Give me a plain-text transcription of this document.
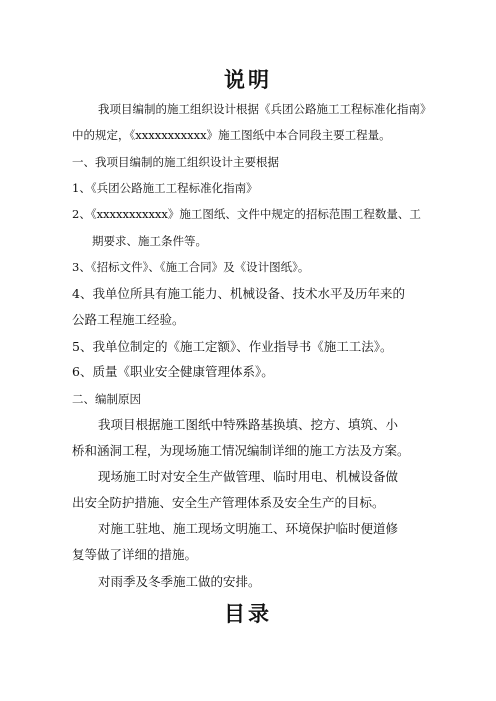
说明
我项目编制的施工组织设计根据《兵团公路施工工程标准化指南》
中的规定，《xxxxxxxxxxx》施工图纸中本合同段主要工程量。
一、我项目编制的施工组织设计主要根据
1、《兵团公路施工工程标准化指南》
2、《xxxxxxxxxxx》施工图纸、文件中规定的招标范围工程数量、工
期要求、施工条件等。
3、《招标文件》、《施工合同》及《设计图纸》。
4、我单位所具有施工能力、机械设备、技术水平及历年来的
公路工程施工经验。
5、我单位制定的《施工定额》、作业指导书《施工工法》。
6、质量《职业安全健康管理体系》。
二、编制原因
我项目根据施工图纸中特殊路基换填、挖方、填筑、小
桥和涵洞工程，为现场施工情况编制详细的施工方法及方案。
现场施工时对安全生产做管理、临时用电、机械设备做
出安全防护措施、安全生产管理体系及安全生产的目标。
对施工驻地、施工现场文明施工、环境保护临时便道修
复等做了详细的措施。
对雨季及冬季施工做的安排。
目录
